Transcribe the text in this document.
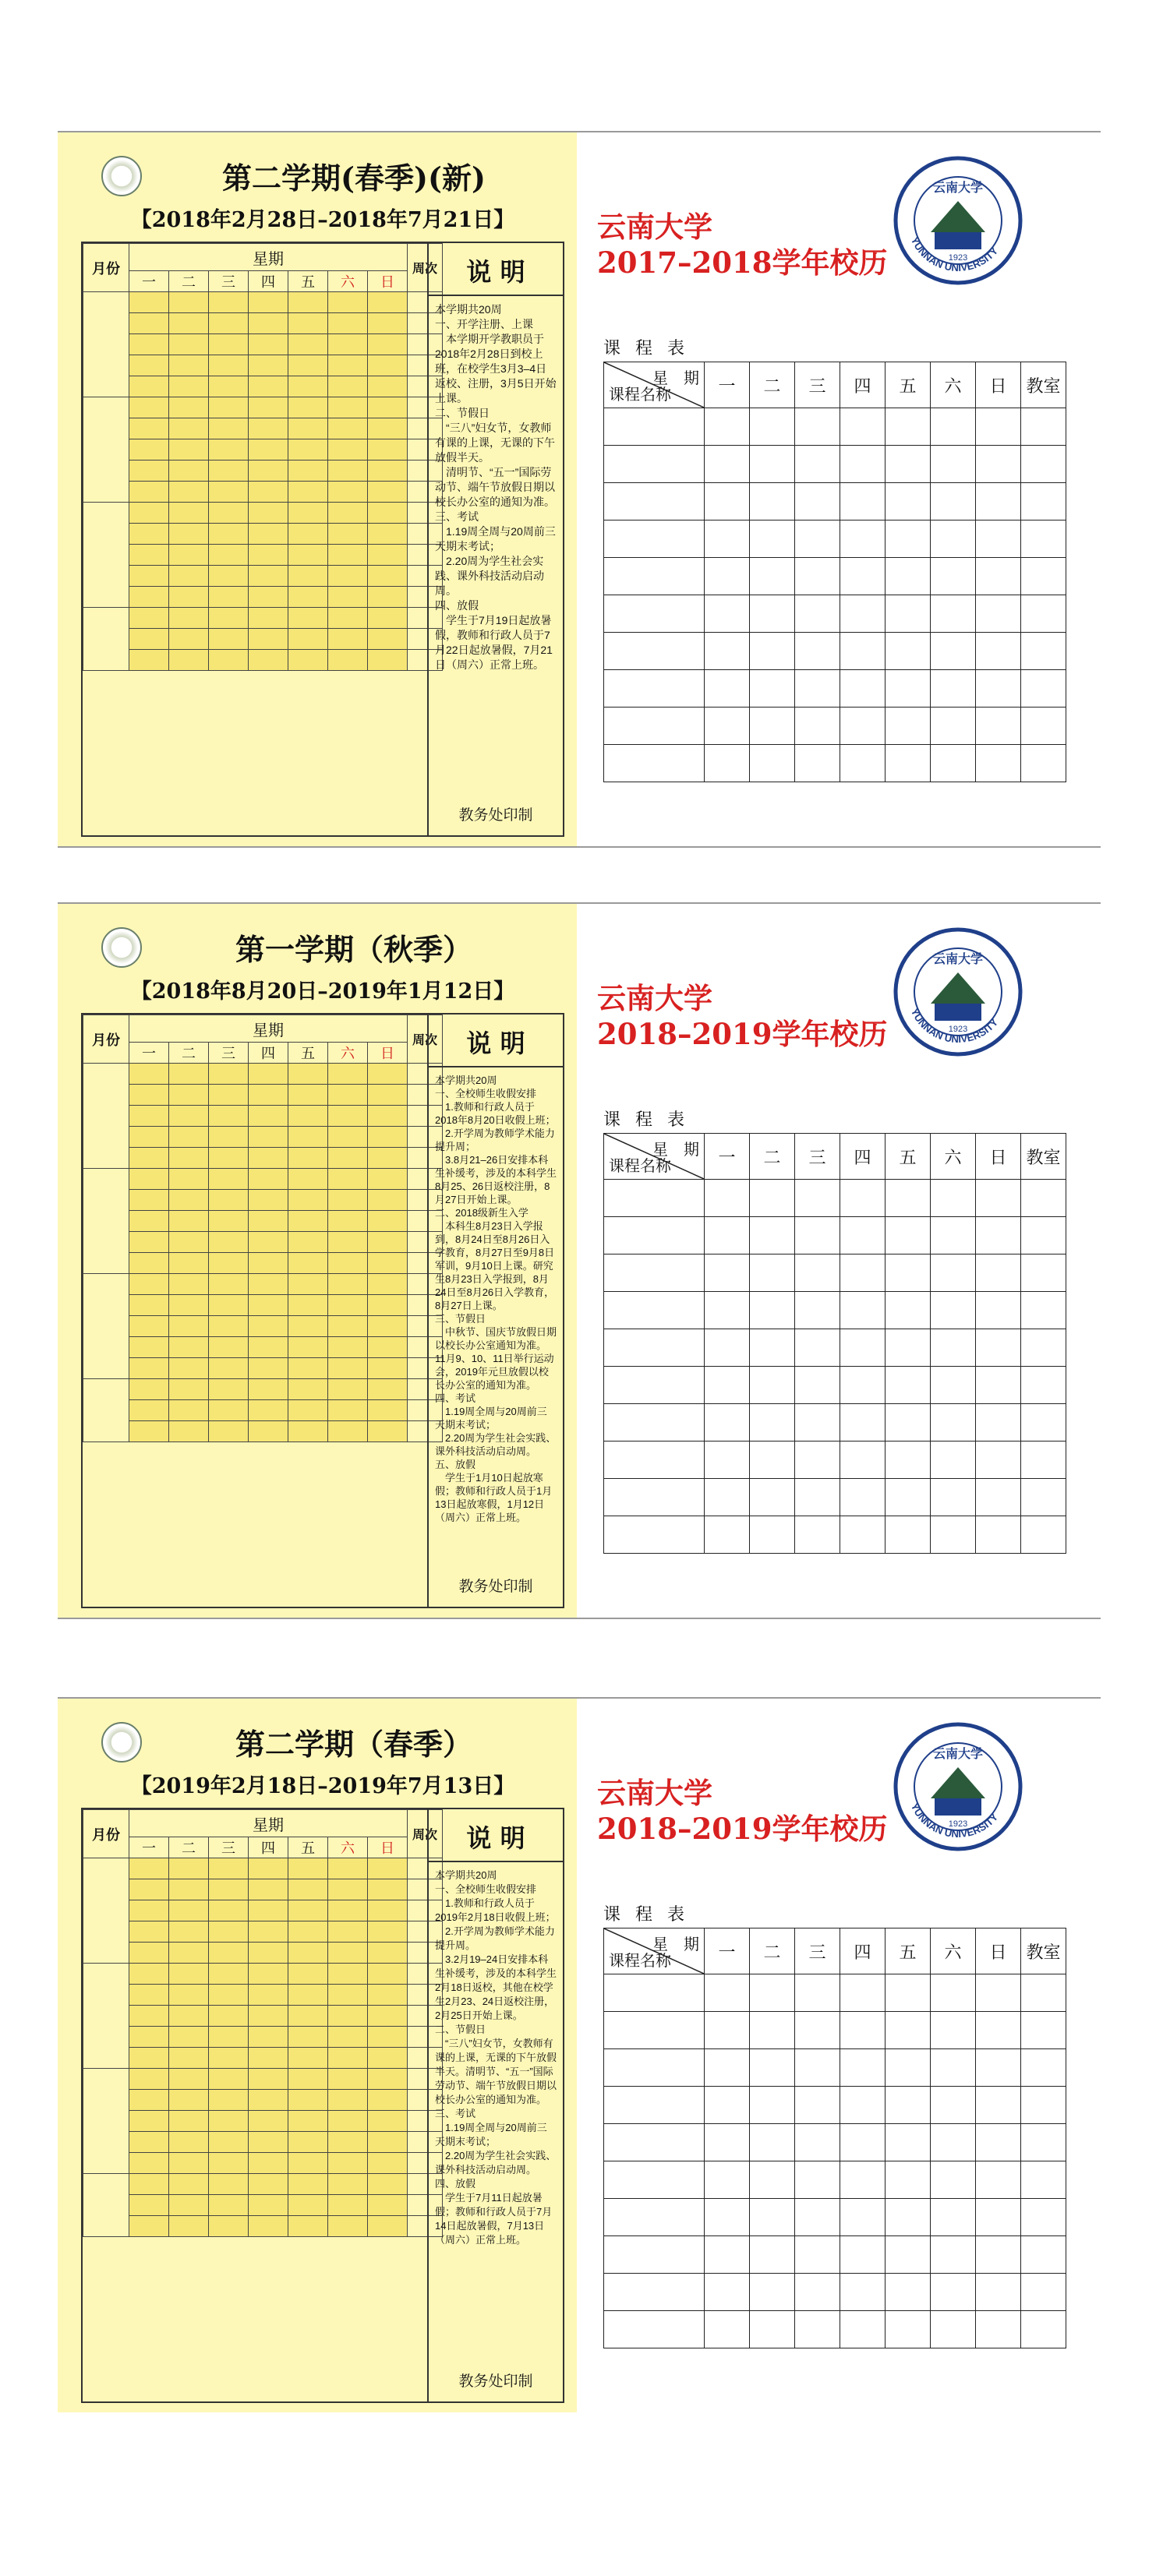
第二学期(春季)(新)
【2018年2月28日–2018年7月21日】
月份	星期							周次
	一	二	三	四	五	六	日	

								说 明
本学期共20周
一、开学注册、上课
　本学期开学教职员于2018年2月28日到校上班，在校学生3月3–4日返校、注册，3月5日开始上课。
二、节假日
　“三八”妇女节，女教师有课的上课，无课的下午放假半天。
　清明节、“五一”国际劳动节、端午节放假日期以校长办公室的通知为准。
三、考试
　1.19周全周与20周前三天期末考试；
　2.20周为学生社会实践、课外科技活动启动周。
四、放假
　学生于7月19日起放暑假，教师和行政人员于7月22日起放暑假，7月21日（周六）正常上班。
教务处印制
云南大学
2017–2018学年校历
YUNNAN UNIVERSITY
1923
云南大学
课 程 表
星　期
课程名称	一	二	三	四	五	六	日	教室

第一学期（秋季）
【2018年8月20日–2019年1月12日】
月份	星期							周次
	一	二	三	四	五	六	日	

								说 明
本学期共20周
一、全校师生收假安排
　1.教师和行政人员于2018年8月20日收假上班；
　2.开学周为教师学术能力提升周；
　3.8月21–26日安排本科生补缓考，涉及的本科学生8月25、26日返校注册，8月27日开始上课。
二、2018级新生入学
　本科生8月23日入学报到，8月24日至8月26日入学教育，8月27日至9月8日军训，9月10日上课。研究生8月23日入学报到，8月24日至8月26日入学教育，8月27日上课。
三、节假日
　中秋节、国庆节放假日期以校长办公室通知为准。11月9、10、11日举行运动会，2019年元旦放假以校长办公室的通知为准。
四、考试
　1.19周全周与20周前三天期末考试；
　2.20周为学生社会实践、课外科技活动启动周。
五、放假
　学生于1月10日起放寒假；教师和行政人员于1月13日起放寒假，1月12日（周六）正常上班。
教务处印制
云南大学
2018–2019学年校历
YUNNAN UNIVERSITY
1923
云南大学
课 程 表
星　期
课程名称	一	二	三	四	五	六	日	教室

第二学期（春季）
【2019年2月18日–2019年7月13日】
月份	星期							周次
	一	二	三	四	五	六	日	

								说 明
本学期共20周
一、全校师生收假安排
　1.教师和行政人员于2019年2月18日收假上班；
　2.开学周为教师学术能力提升周。
　3.2月19–24日安排本科生补缓考，涉及的本科学生2月18日返校，其他在校学生2月23、24日返校注册，2月25日开始上课。
二、节假日
　“三八”妇女节，女教师有课的上课，无课的下午放假半天。清明节、“五一”国际劳动节、端午节放假日期以校长办公室的通知为准。
三、考试
　1.19周全周与20周前三天期末考试；
　2.20周为学生社会实践、课外科技活动启动周。
四、放假
　学生于7月11日起放暑假；教师和行政人员于7月14日起放暑假，7月13日（周六）正常上班。
教务处印制
云南大学
2018–2019学年校历
YUNNAN UNIVERSITY
1923
云南大学
课 程 表
星　期
课程名称	一	二	三	四	五	六	日	教室
